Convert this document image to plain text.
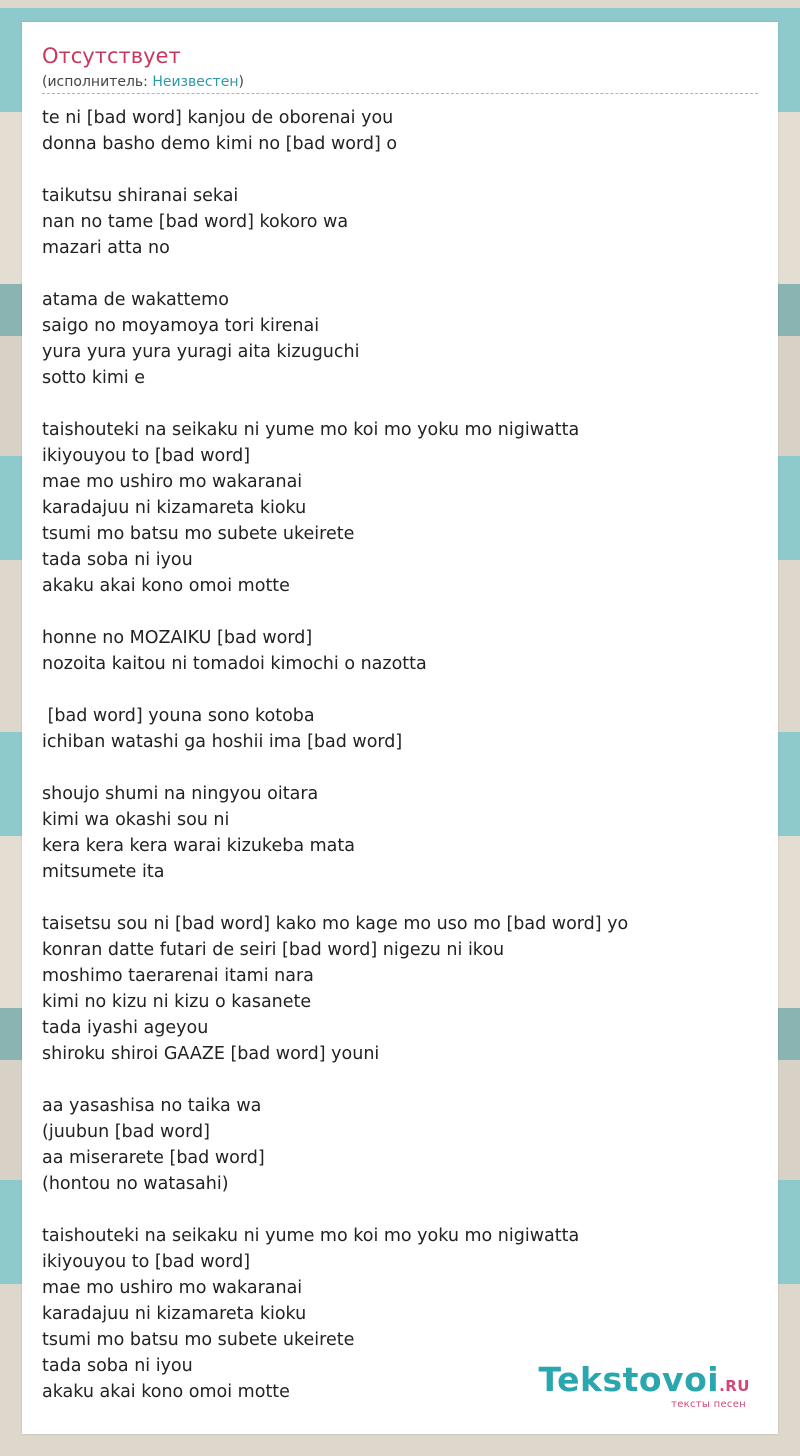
Отсутствует
(исполнитель: Неизвестен)
te ni [bad word] kanjou de oborenai you
donna basho demo kimi no [bad word] o
taikutsu shiranai sekai
nan no tame [bad word] kokoro wa
mazari atta no
atama de wakattemo
saigo no moyamoya tori kirenai
yura yura yura yuragi aita kizuguchi
sotto kimi e
taishouteki na seikaku ni yume mo koi mo yoku mo nigiwatta
ikiyouyou to [bad word]
mae mo ushiro mo wakaranai
karadajuu ni kizamareta kioku
tsumi mo batsu mo subete ukeirete
tada soba ni iyou
akaku akai kono omoi motte
honne no MOZAIKU [bad word]
nozoita kaitou ni tomadoi kimochi o nazotta
[bad word] youna sono kotoba
ichiban watashi ga hoshii ima [bad word]
shoujo shumi na ningyou oitara
kimi wa okashi sou ni
kera kera kera warai kizukeba mata
mitsumete ita
taisetsu sou ni [bad word] kako mo kage mo uso mo [bad word] yo
konran datte futari de seiri [bad word] nigezu ni ikou
moshimo taerarenai itami nara
kimi no kizu ni kizu o kasanete
tada iyashi ageyou
shiroku shiroi GAAZE [bad word] youni
aa yasashisa no taika wa
(juubun [bad word]
aa miserarete [bad word]
(hontou no watasahi)
taishouteki na seikaku ni yume mo koi mo yoku mo nigiwatta
ikiyouyou to [bad word]
mae mo ushiro mo wakaranai
karadajuu ni kizamareta kioku
tsumi mo batsu mo subete ukeirete
tada soba ni iyou
akaku akai kono omoi motte	Tekstovoi.RU
тексты песен
